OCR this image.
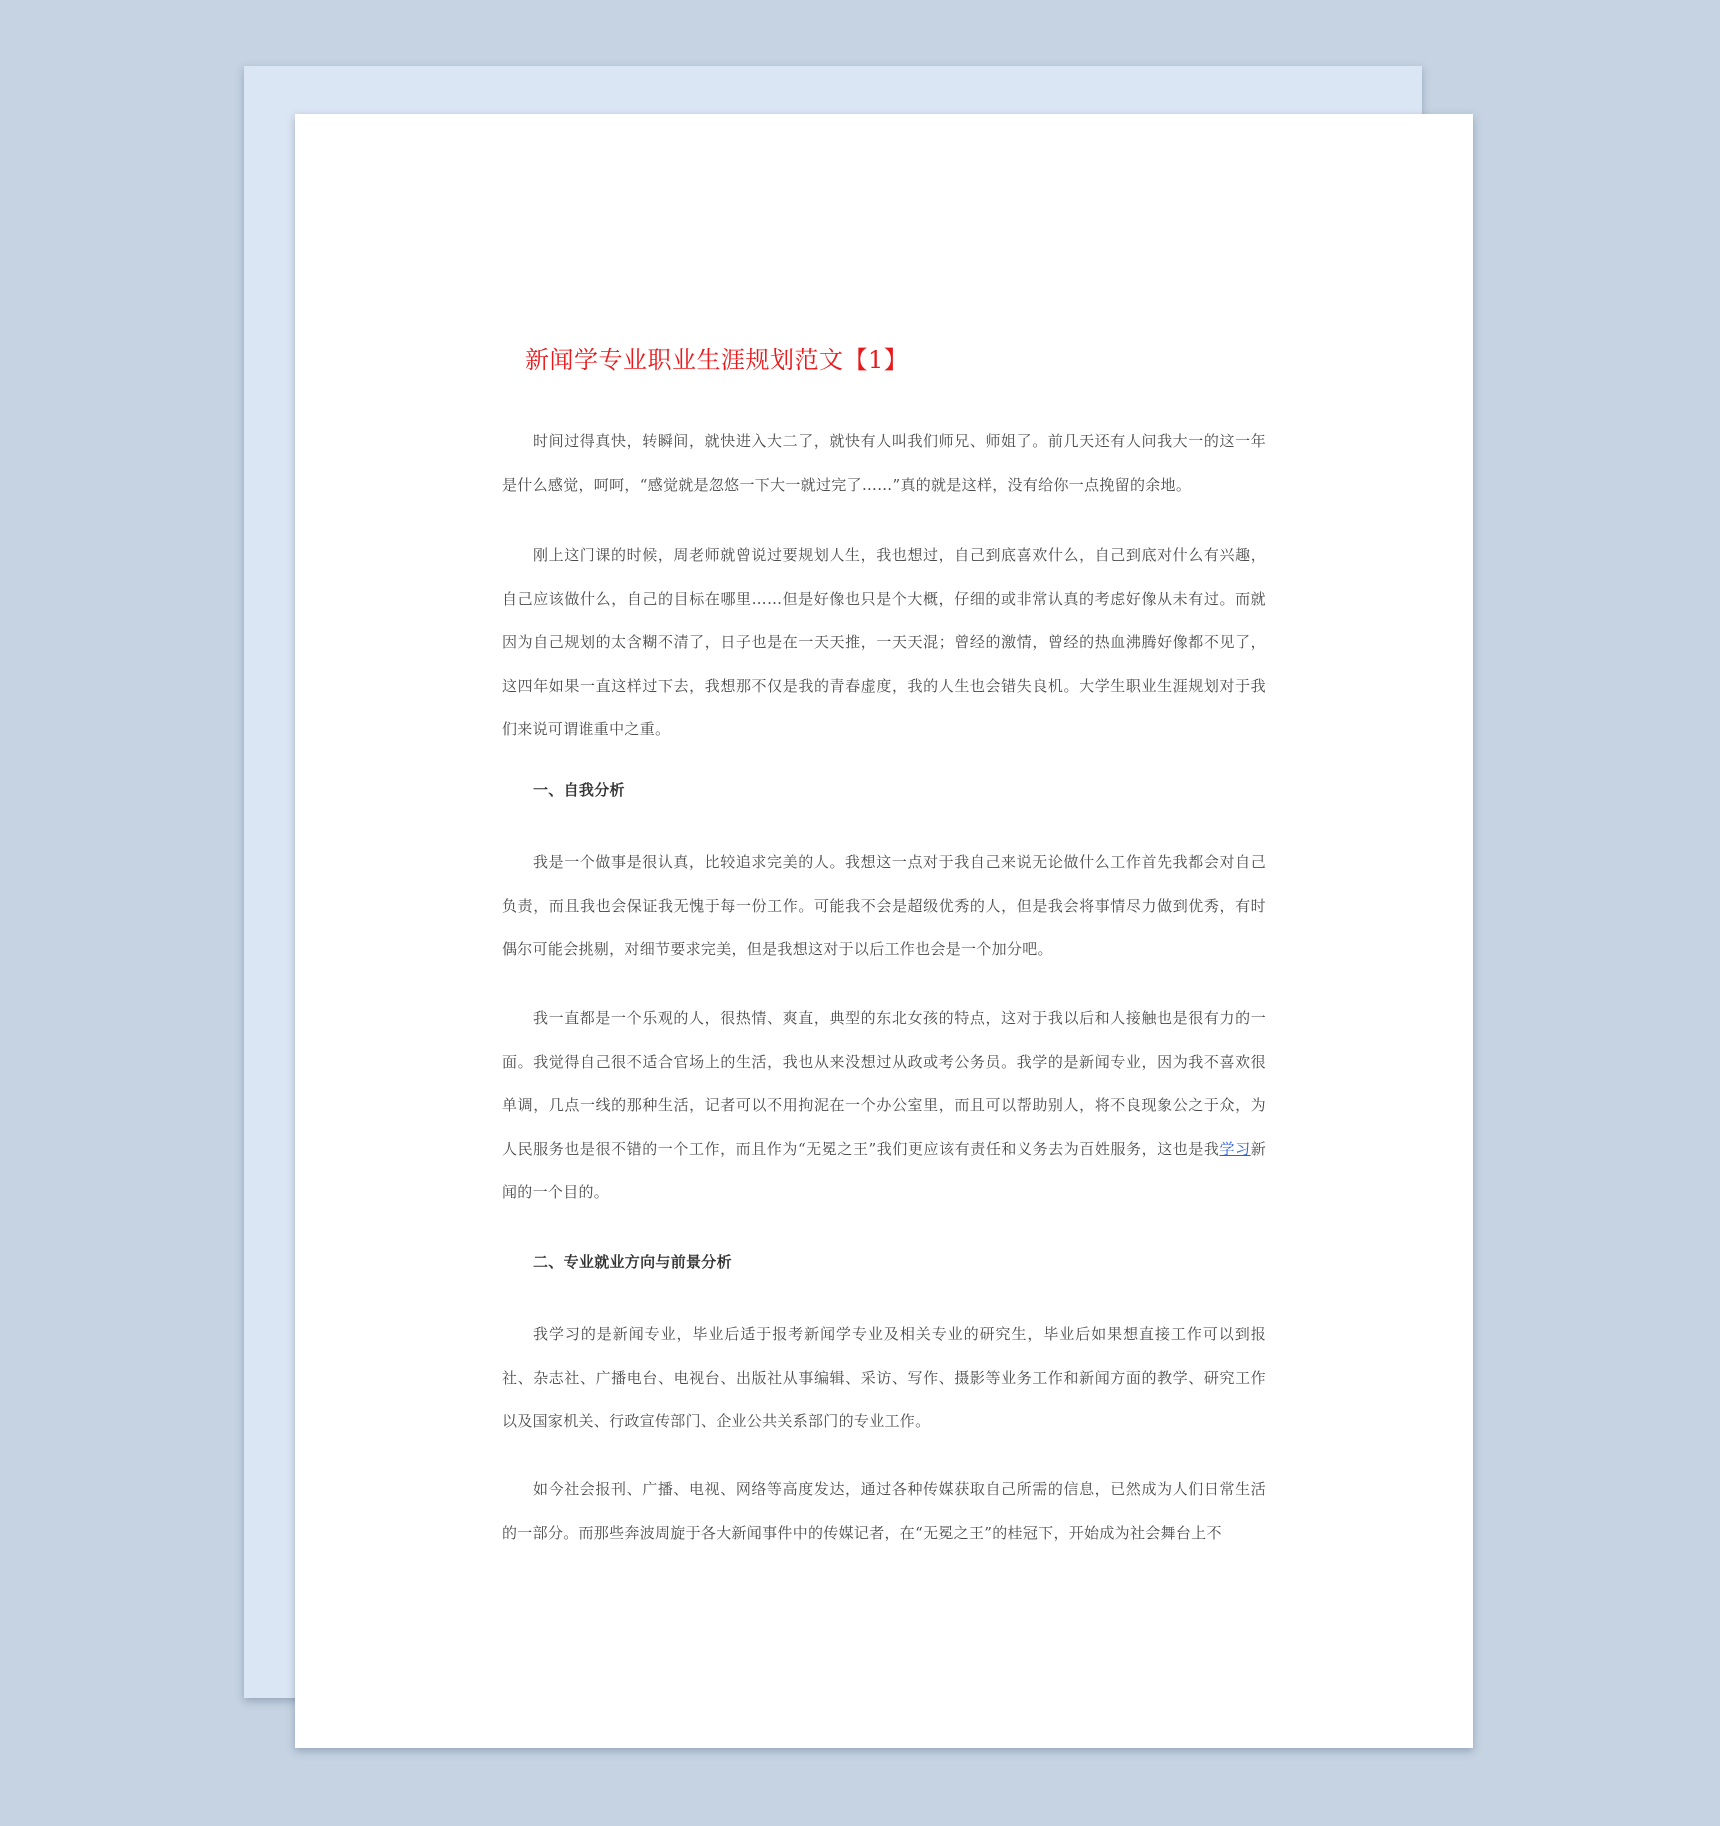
新闻学专业职业生涯规划范文【1】

时间过得真快，转瞬间，就快进入大二了，就快有人叫我们师兄、师姐了。前几天还有人问我大一的这一年是什么感觉，呵呵，“感觉就是忽悠一下大一就过完了……”真的就是这样，没有给你一点挽留的余地。

刚上这门课的时候，周老师就曾说过要规划人生，我也想过，自己到底喜欢什么，自己到底对什么有兴趣，自己应该做什么，自己的目标在哪里……但是好像也只是个大概，仔细的或非常认真的考虑好像从未有过。而就因为自己规划的太含糊不清了，日子也是在一天天推，一天天混；曾经的激情，曾经的热血沸腾好像都不见了，这四年如果一直这样过下去，我想那不仅是我的青春虚度，我的人生也会错失良机。大学生职业生涯规划对于我们来说可谓谁重中之重。

一、自我分析

我是一个做事是很认真，比较追求完美的人。我想这一点对于我自己来说无论做什么工作首先我都会对自己负责，而且我也会保证我无愧于每一份工作。可能我不会是超级优秀的人，但是我会将事情尽力做到优秀，有时偶尔可能会挑剔，对细节要求完美，但是我想这对于以后工作也会是一个加分吧。

我一直都是一个乐观的人，很热情、爽直，典型的东北女孩的特点，这对于我以后和人接触也是很有力的一面。我觉得自己很不适合官场上的生活，我也从来没想过从政或考公务员。我学的是新闻专业，因为我不喜欢很单调，几点一线的那种生活，记者可以不用拘泥在一个办公室里，而且可以帮助别人，将不良现象公之于众，为人民服务也是很不错的一个工作，而且作为“无冕之王”我们更应该有责任和义务去为百姓服务，这也是我学习新闻的一个目的。

二、专业就业方向与前景分析

我学习的是新闻专业，毕业后适于报考新闻学专业及相关专业的研究生，毕业后如果想直接工作可以到报社、杂志社、广播电台、电视台、出版社从事编辑、采访、写作、摄影等业务工作和新闻方面的教学、研究工作以及国家机关、行政宣传部门、企业公共关系部门的专业工作。

如今社会报刊、广播、电视、网络等高度发达，通过各种传媒获取自己所需的信息，已然成为人们日常生活的一部分。而那些奔波周旋于各大新闻事件中的传媒记者，在“无冕之王”的桂冠下，开始成为社会舞台上不
